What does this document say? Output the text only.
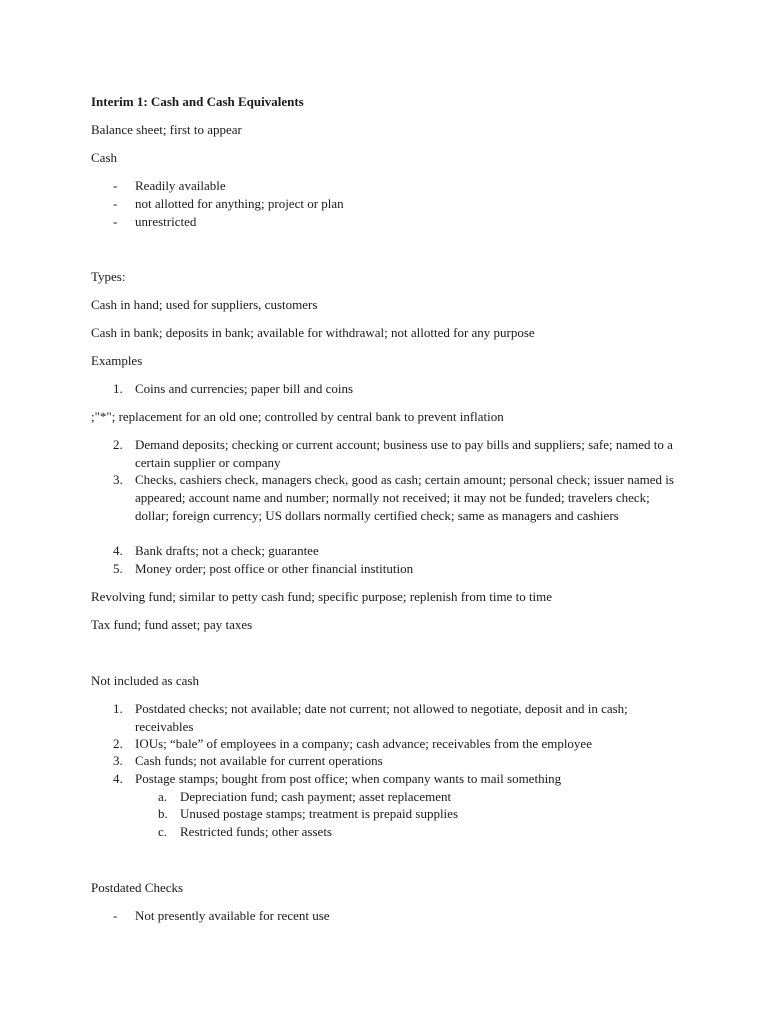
Interim 1: Cash and Cash Equivalents
Balance sheet; first to appear
Cash
- Readily available
- not allotted for anything; project or plan
- unrestricted
Types:
Cash in hand; used for suppliers, customers
Cash in bank; deposits in bank; available for withdrawal; not allotted for any purpose
Examples
1. Coins and currencies; paper bill and coins
;"*"; replacement for an old one; controlled by central bank to prevent inflation
2. Demand deposits; checking or current account; business use to pay bills and suppliers; safe; named to a certain supplier or company
3. Checks, cashiers check, managers check, good as cash; certain amount; personal check; issuer named is appeared; account name and number; normally not received; it may not be funded; travelers check; dollar; foreign currency; US dollars normally certified check; same as managers and cashiers
4. Bank drafts; not a check; guarantee
5. Money order; post office or other financial institution
Revolving fund; similar to petty cash fund; specific purpose; replenish from time to time
Tax fund; fund asset; pay taxes
Not included as cash
1. Postdated checks; not available; date not current; not allowed to negotiate, deposit and in cash; receivables
2. IOUs; “bale” of employees in a company; cash advance; receivables from the employee
3. Cash funds; not available for current operations
4. Postage stamps; bought from post office; when company wants to mail something
a. Depreciation fund; cash payment; asset replacement
b. Unused postage stamps; treatment is prepaid supplies
c. Restricted funds; other assets
Postdated Checks
- Not presently available for recent use
